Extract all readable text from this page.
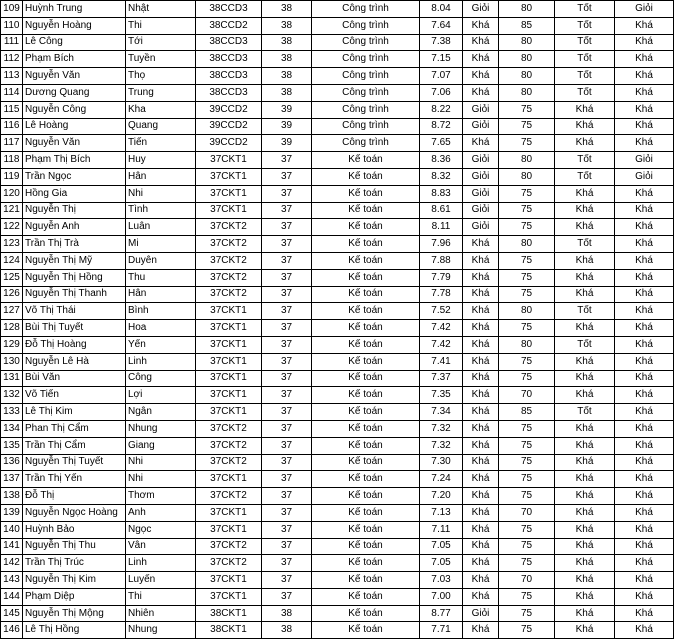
109	Huỳnh Trung	Nhật	38CCD3	38	Công trình	8.04	Giỏi	80	Tốt	Giỏi	
110	Nguyễn Hoàng	Thi	38CCD2	38	Công trình	7.64	Khá	85	Tốt	Khá	
111	Lê Công	Tới	38CCD3	38	Công trình	7.38	Khá	80	Tốt	Khá	
112	Phạm Bích	Tuyền	38CCD3	38	Công trình	7.15	Khá	80	Tốt	Khá	
113	Nguyễn Văn	Thọ	38CCD3	38	Công trình	7.07	Khá	80	Tốt	Khá	
114	Dương Quang	Trung	38CCD3	38	Công trình	7.06	Khá	80	Tốt	Khá	
115	Nguyễn Công	Kha	39CCD2	39	Công trình	8.22	Giỏi	75	Khá	Khá	
116	Lê Hoàng	Quang	39CCD2	39	Công trình	8.72	Giỏi	75	Khá	Khá	
117	Nguyễn Văn	Tiến	39CCD2	39	Công trình	7.65	Khá	75	Khá	Khá	
118	Phạm Thị Bích	Huy	37CKT1	37	Kế toán	8.36	Giỏi	80	Tốt	Giỏi	
119	Trần Ngọc	Hân	37CKT1	37	Kế toán	8.32	Giỏi	80	Tốt	Giỏi	
120	Hồng Gia	Nhi	37CKT1	37	Kế toán	8.83	Giỏi	75	Khá	Khá	
121	Nguyễn Thị	Tình	37CKT1	37	Kế toán	8.61	Giỏi	75	Khá	Khá	
122	Nguyễn Anh	Luân	37CKT2	37	Kế toán	8.11	Giỏi	75	Khá	Khá	
123	Trần Thị Trà	Mi	37CKT2	37	Kế toán	7.96	Khá	80	Tốt	Khá	
124	Nguyễn Thị Mỹ	Duyên	37CKT2	37	Kế toán	7.88	Khá	75	Khá	Khá	
125	Nguyễn Thị Hồng	Thu	37CKT2	37	Kế toán	7.79	Khá	75	Khá	Khá	
126	Nguyễn Thị Thanh	Hân	37CKT2	37	Kế toán	7.78	Khá	75	Khá	Khá	
127	Võ Thị Thái	Bình	37CKT1	37	Kế toán	7.52	Khá	80	Tốt	Khá	
128	Bùi Thị Tuyết	Hoa	37CKT1	37	Kế toán	7.42	Khá	75	Khá	Khá	
129	Đỗ Thị Hoàng	Yến	37CKT1	37	Kế toán	7.42	Khá	80	Tốt	Khá	
130	Nguyễn Lê Hà	Linh	37CKT1	37	Kế toán	7.41	Khá	75	Khá	Khá	
131	Bùi Văn	Công	37CKT1	37	Kế toán	7.37	Khá	75	Khá	Khá	
132	Võ Tiến	Lợi	37CKT1	37	Kế toán	7.35	Khá	70	Khá	Khá	
133	Lê Thị Kim	Ngân	37CKT1	37	Kế toán	7.34	Khá	85	Tốt	Khá	
134	Phan Thị Cẩm	Nhung	37CKT2	37	Kế toán	7.32	Khá	75	Khá	Khá	
135	Trần Thị Cẩm	Giang	37CKT2	37	Kế toán	7.32	Khá	75	Khá	Khá	
136	Nguyễn Thị Tuyết	Nhi	37CKT2	37	Kế toán	7.30	Khá	75	Khá	Khá	
137	Trần Thị Yến	Nhi	37CKT1	37	Kế toán	7.24	Khá	75	Khá	Khá	
138	Đỗ Thị	Thơm	37CKT2	37	Kế toán	7.20	Khá	75	Khá	Khá	
139	Nguyễn Ngọc Hoàng	Anh	37CKT1	37	Kế toán	7.13	Khá	70	Khá	Khá	
140	Huỳnh Bảo	Ngọc	37CKT1	37	Kế toán	7.11	Khá	75	Khá	Khá	
141	Nguyễn Thị Thu	Vân	37CKT2	37	Kế toán	7.05	Khá	75	Khá	Khá	
142	Trần Thị Trúc	Linh	37CKT2	37	Kế toán	7.05	Khá	75	Khá	Khá	
143	Nguyễn Thị Kim	Luyến	37CKT1	37	Kế toán	7.03	Khá	70	Khá	Khá	
144	Phạm Diệp	Thi	37CKT1	37	Kế toán	7.00	Khá	75	Khá	Khá	
145	Nguyễn Thị Mộng	Nhiên	38CKT1	38	Kế toán	8.77	Giỏi	75	Khá	Khá	
146	Lê Thị Hồng	Nhung	38CKT1	38	Kế toán	7.71	Khá	75	Khá	Khá	
